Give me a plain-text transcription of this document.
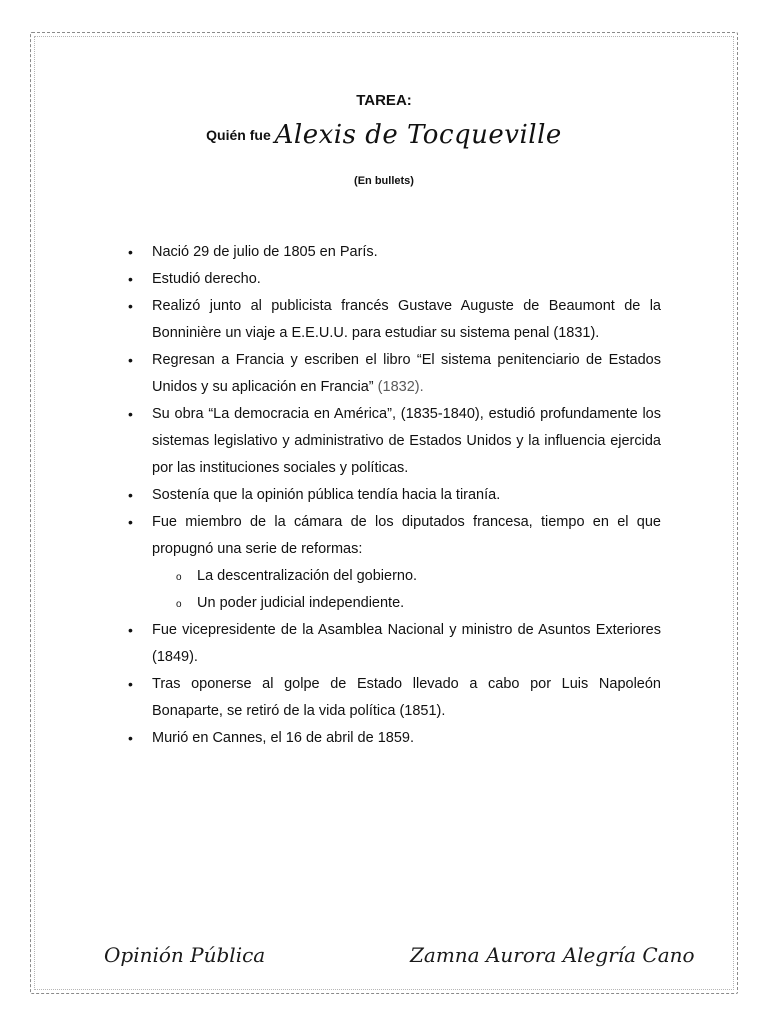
TAREA:
Quién fue Alexis de Tocqueville
(En bullets)
• Nació 29 de julio de 1805 en París.
• Estudió derecho.
• Realizó junto al publicista francés Gustave Auguste de Beaumont de la Bonninière un viaje a E.E.U.U. para estudiar su sistema penal (1831).
• Regresan a Francia y escriben el libro “El sistema penitenciario de Estados Unidos y su aplicación en Francia” (1832).
• Su obra “La democracia en América”, (1835-1840), estudió profundamente los sistemas legislativo y administrativo de Estados Unidos y la influencia ejercida por las instituciones sociales y políticas.
• Sostenía que la opinión pública tendía hacia la tiranía.
• Fue miembro de la cámara de los diputados francesa, tiempo en el que propugnó una serie de reformas:
o La descentralización del gobierno.
o Un poder judicial independiente.
• Fue vicepresidente de la Asamblea Nacional y ministro de Asuntos Exteriores (1849).
• Tras oponerse al golpe de Estado llevado a cabo por Luis Napoleón Bonaparte, se retiró de la vida política (1851).
• Murió en Cannes, el 16 de abril de 1859.
Opinión Pública	Zamna Aurora Alegría Cano
